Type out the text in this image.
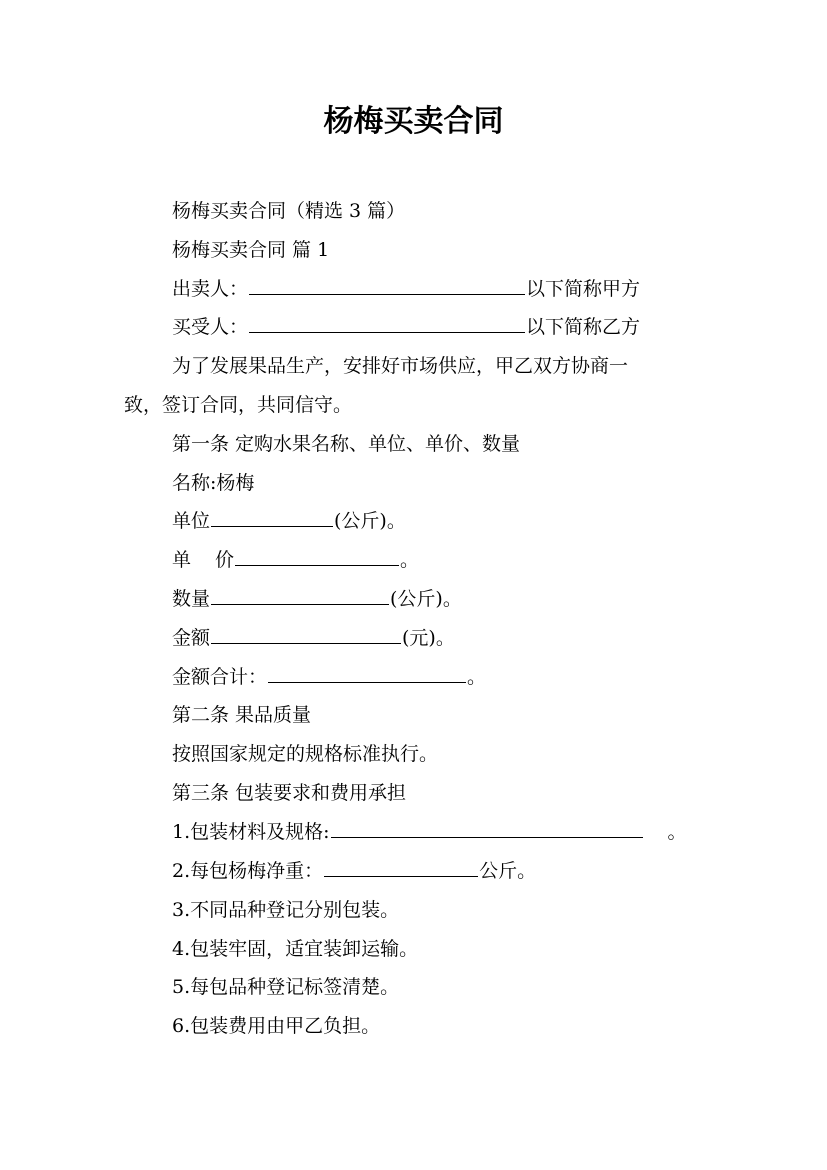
杨梅买卖合同
杨梅买卖合同（精选 3 篇）
杨梅买卖合同 篇 1
出卖人：	以下简称甲方
买受人：	以下简称乙方
为了发展果品生产，安排好市场供应，甲乙双方协商一
致，签订合同，共同信守。
第一条 定购水果名称、单位、单价、数量
名称:杨梅
单位	(公斤)。
单 价	。
数量	(公斤)。
金额	(元)。
金额合计：	。
第二条 果品质量
按照国家规定的规格标准执行。
第三条 包装要求和费用承担
1.包装材料及规格:	。
2.每包杨梅净重：	公斤。
3.不同品种登记分别包装。
4.包装牢固，适宜装卸运输。
5.每包品种登记标签清楚。
6.包装费用由甲乙负担。
